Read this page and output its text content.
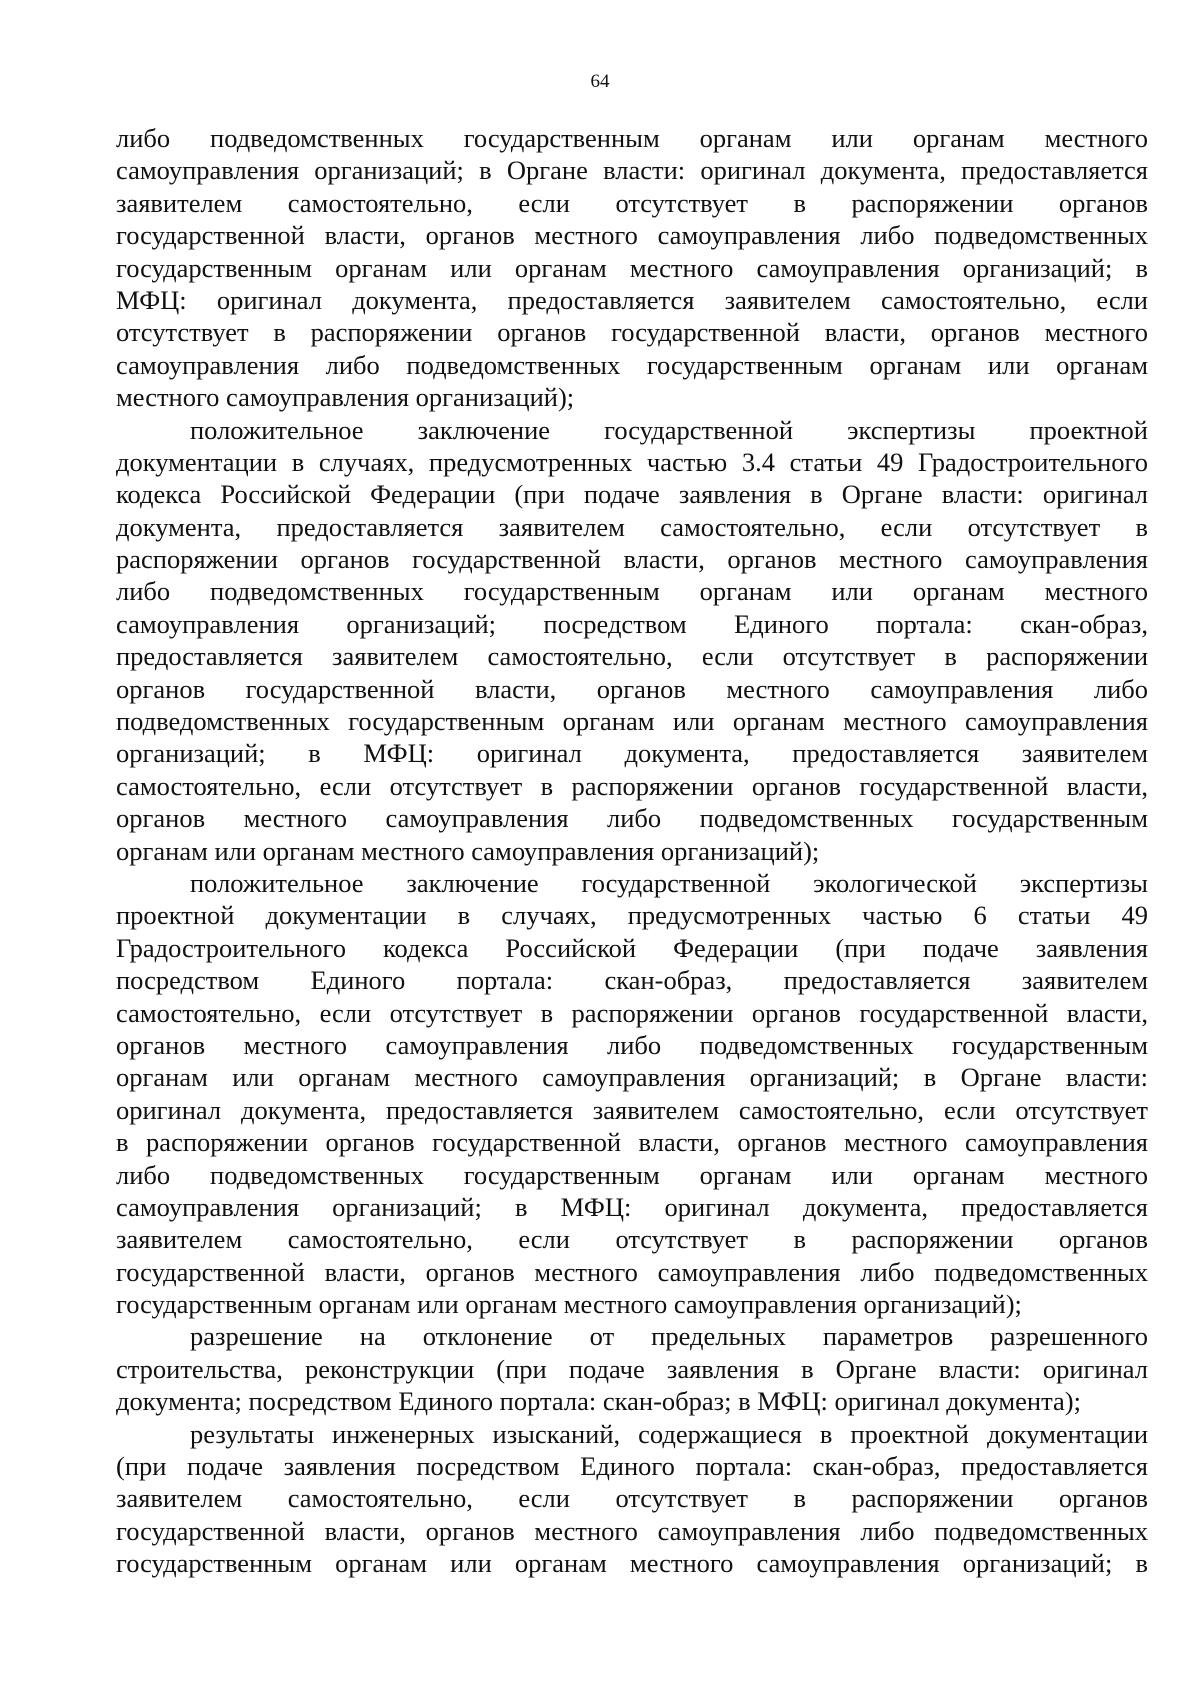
64
либо подведомственных государственным органам или органам местного
самоуправления организаций; в Органе власти: оригинал документа, предоставляется
заявителем самостоятельно, если отсутствует в распоряжении органов
государственной власти, органов местного самоуправления либо подведомственных
государственным органам или органам местного самоуправления организаций; в
МФЦ: оригинал документа, предоставляется заявителем самостоятельно, если
отсутствует в распоряжении органов государственной власти, органов местного
самоуправления либо подведомственных государственным органам или органам
местного самоуправления организаций);
положительное заключение государственной экспертизы проектной
документации в случаях, предусмотренных частью 3.4 статьи 49 Градостроительного
кодекса Российской Федерации (при подаче заявления в Органе власти: оригинал
документа, предоставляется заявителем самостоятельно, если отсутствует в
распоряжении органов государственной власти, органов местного самоуправления
либо подведомственных государственным органам или органам местного
самоуправления организаций; посредством Единого портала: скан-образ,
предоставляется заявителем самостоятельно, если отсутствует в распоряжении
органов государственной власти, органов местного самоуправления либо
подведомственных государственным органам или органам местного самоуправления
организаций; в МФЦ: оригинал документа, предоставляется заявителем
самостоятельно, если отсутствует в распоряжении органов государственной власти,
органов местного самоуправления либо подведомственных государственным
органам или органам местного самоуправления организаций);
положительное заключение государственной экологической экспертизы
проектной документации в случаях, предусмотренных частью 6 статьи 49
Градостроительного кодекса Российской Федерации (при подаче заявления
посредством Единого портала: скан-образ, предоставляется заявителем
самостоятельно, если отсутствует в распоряжении органов государственной власти,
органов местного самоуправления либо подведомственных государственным
органам или органам местного самоуправления организаций; в Органе власти:
оригинал документа, предоставляется заявителем самостоятельно, если отсутствует
в распоряжении органов государственной власти, органов местного самоуправления
либо подведомственных государственным органам или органам местного
самоуправления организаций; в МФЦ: оригинал документа, предоставляется
заявителем самостоятельно, если отсутствует в распоряжении органов
государственной власти, органов местного самоуправления либо подведомственных
государственным органам или органам местного самоуправления организаций);
разрешение на отклонение от предельных параметров разрешенного
строительства, реконструкции (при подаче заявления в Органе власти: оригинал
документа; посредством Единого портала: скан-образ; в МФЦ: оригинал документа);
результаты инженерных изысканий, содержащиеся в проектной документации
(при подаче заявления посредством Единого портала: скан-образ, предоставляется
заявителем самостоятельно, если отсутствует в распоряжении органов
государственной власти, органов местного самоуправления либо подведомственных
государственным органам или органам местного самоуправления организаций; в
